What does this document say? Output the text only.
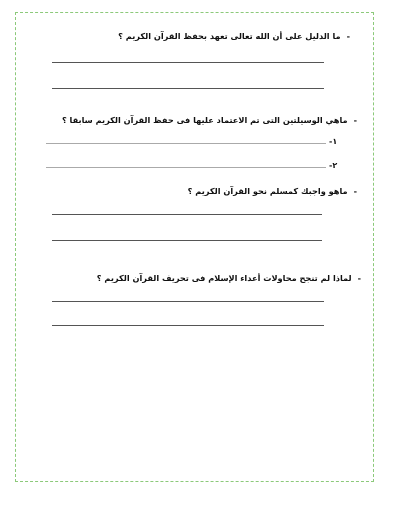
-ما الدليل على أن الله تعالى تعهد بحفظ القرآن الكريم ؟
-ماهي الوسيلتين التى تم الاعتماد عليها فى حفظ القرآن الكريم سابقا ؟
١-
٢-
-ماهو واجبك كمسلم نحو القرآن الكريم ؟
-لماذا لم تنجح محاولات أعداء الإسلام فى تحريف القرآن الكريم ؟
